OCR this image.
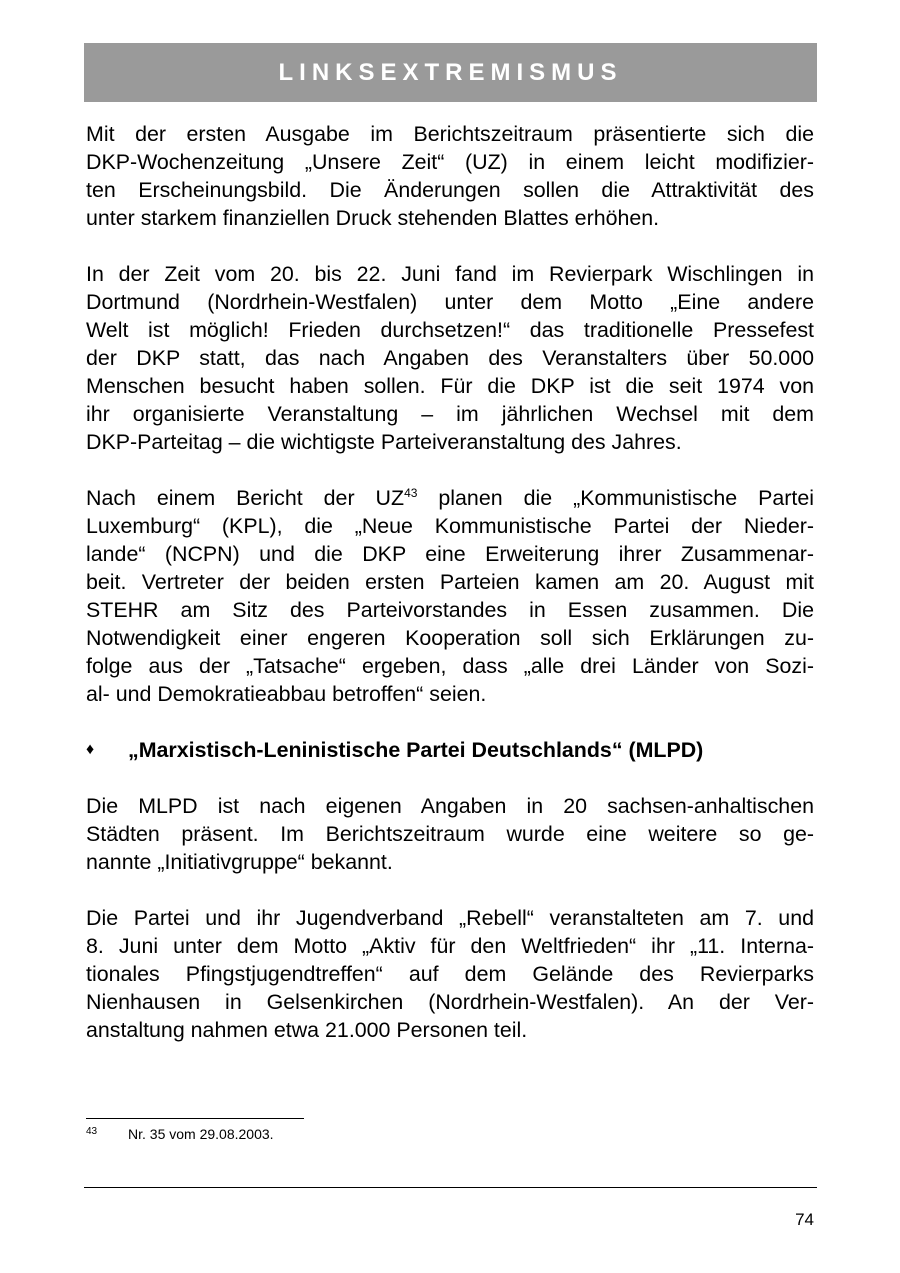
LINKSEXTREMISMUS
Mit der ersten Ausgabe im Berichtszeitraum präsentierte sich die
DKP-Wochenzeitung „Unsere Zeit“ (UZ) in einem leicht modifizier-
ten Erscheinungsbild. Die Änderungen sollen die Attraktivität des
unter starkem finanziellen Druck stehenden Blattes erhöhen.
In der Zeit vom 20. bis 22. Juni fand im Revierpark Wischlingen in
Dortmund (Nordrhein-Westfalen) unter dem Motto „Eine andere
Welt ist möglich! Frieden durchsetzen!“ das traditionelle Pressefest
der DKP statt, das nach Angaben des Veranstalters über 50.000
Menschen besucht haben sollen. Für die DKP ist die seit 1974 von
ihr organisierte Veranstaltung – im jährlichen Wechsel mit dem
DKP-Parteitag – die wichtigste Parteiveranstaltung des Jahres.
Nach einem Bericht der UZ$^{43}$ planen die „Kommunistische Partei
Luxemburg“ (KPL), die „Neue Kommunistische Partei der Nieder-
lande“ (NCPN) und die DKP eine Erweiterung ihrer Zusammenar-
beit. Vertreter der beiden ersten Parteien kamen am 20. August mit
STEHR am Sitz des Parteivorstandes in Essen zusammen. Die
Notwendigkeit einer engeren Kooperation soll sich Erklärungen zu-
folge aus der „Tatsache“ ergeben, dass „alle drei Länder von Sozi-
al- und Demokratieabbau betroffen“ seien.
♦	„Marxistisch-Leninistische Partei Deutschlands“ (MLPD)
Die MLPD ist nach eigenen Angaben in 20 sachsen-anhaltischen
Städten präsent. Im Berichtszeitraum wurde eine weitere so ge-
nannte „Initiativgruppe“ bekannt.
Die Partei und ihr Jugendverband „Rebell“ veranstalteten am 7. und
8. Juni unter dem Motto „Aktiv für den Weltfrieden“ ihr „11. Interna-
tionales Pfingstjugendtreffen“ auf dem Gelände des Revierparks
Nienhausen in Gelsenkirchen (Nordrhein-Westfalen). An der Ver-
anstaltung nahmen etwa 21.000 Personen teil.
43	Nr. 35 vom 29.08.2003.
74
